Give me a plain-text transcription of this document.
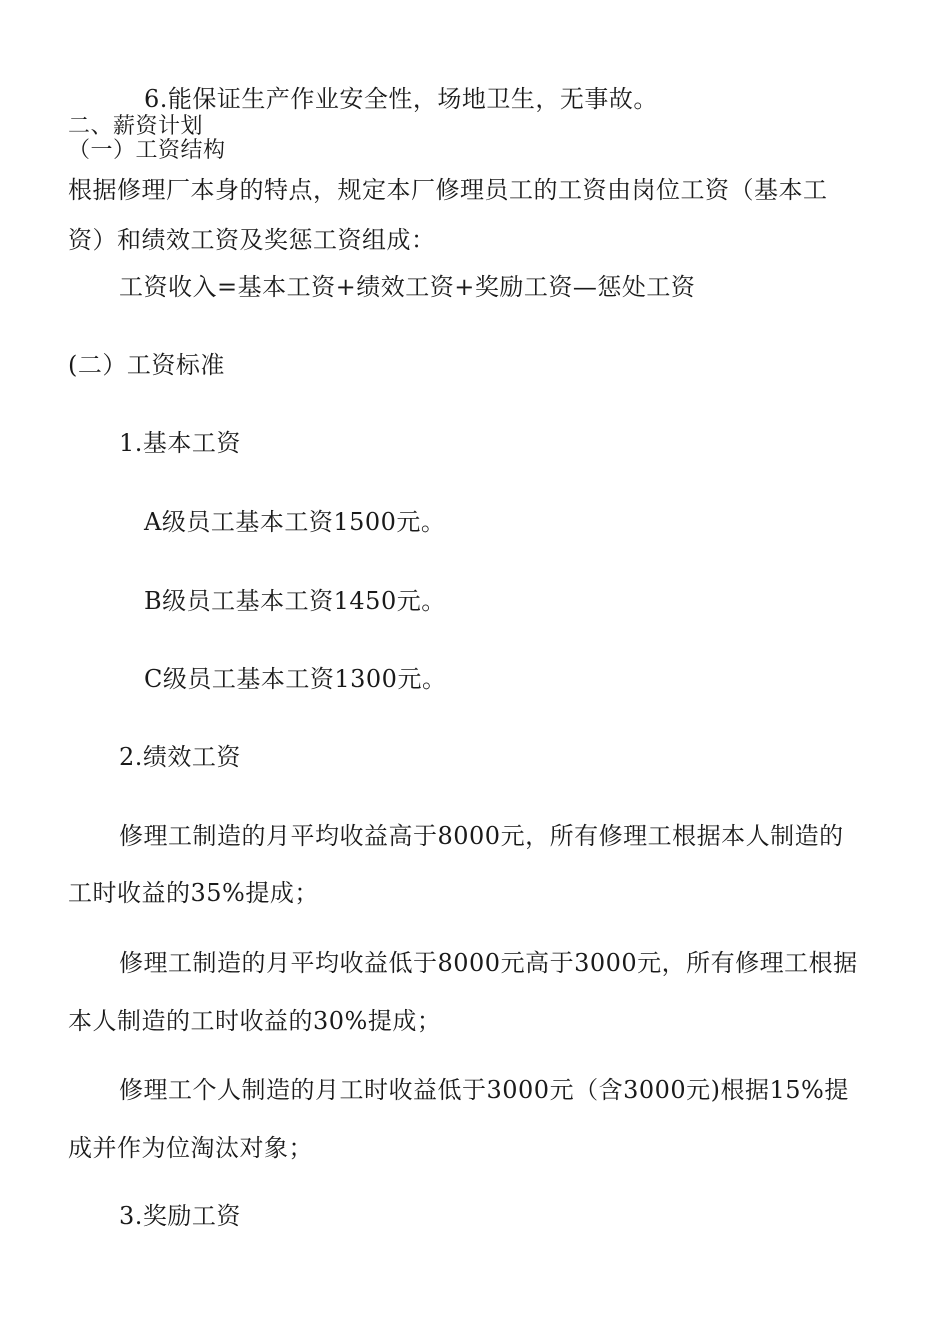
6.能保证生产作业安全性，场地卫生，无事故。
二、薪资计划
（一）工资结构
根据修理厂本身的特点，规定本厂修理员工的工资由岗位工资（基本工
资）和绩效工资及奖惩工资组成：
工资收入=基本工资+绩效工资+奖励工资—惩处工资
(二）工资标准
1.基本工资
A级员工基本工资1500元。
B级员工基本工资1450元。
C级员工基本工资1300元。
2.绩效工资
修理工制造的月平均收益高于8000元，所有修理工根据本人制造的
工时收益的35%提成；
修理工制造的月平均收益低于8000元高于3000元，所有修理工根据
本人制造的工时收益的30%提成；
修理工个人制造的月工时收益低于3000元（含3000元)根据15%提
成并作为位淘汰对象；
3.奖励工资
